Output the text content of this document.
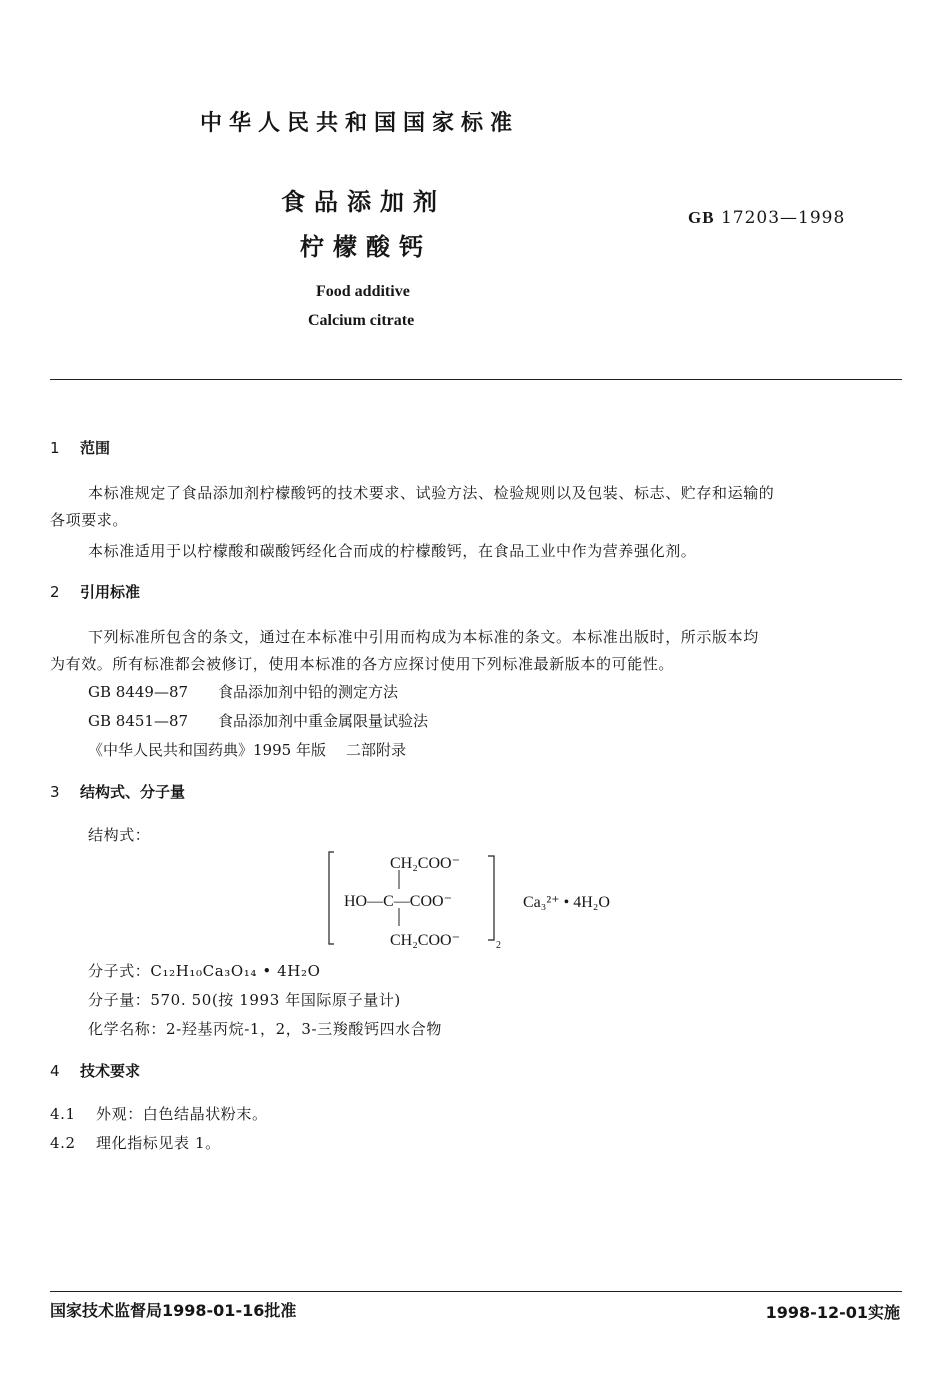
中华人民共和国国家标准
食品添加剂
柠檬酸钙
GB 17203—1998
Food additive
Calcium citrate
1 范围
本标准规定了食品添加剂柠檬酸钙的技术要求、试验方法、检验规则以及包装、标志、贮存和运输的
各项要求。
本标准适用于以柠檬酸和碳酸钙经化合而成的柠檬酸钙，在食品工业中作为营养强化剂。
2 引用标准
下列标准所包含的条文，通过在本标准中引用而构成为本标准的条文。本标准出版时，所示版本均
为有效。所有标准都会被修订，使用本标准的各方应探讨使用下列标准最新版本的可能性。
GB 8449—87 食品添加剂中铅的测定方法
GB 8451—87 食品添加剂中重金属限量试验法
《中华人民共和国药典》1995 年版 二部附录
3 结构式、分子量
结构式：
CH₂COO⁻
HO—C—COO⁻
CH₂COO⁻	2
Ca₃²⁺ • 4H₂O
分子式：C₁₂H₁₀Ca₃O₁₄ • 4H₂O
分子量：570. 50(按 1993 年国际原子量计)
化学名称：2-羟基丙烷-1，2，3-三羧酸钙四水合物
4 技术要求
4.1 外观：白色结晶状粉末。
4.2 理化指标见表 1。
国家技术监督局1998-01-16批准	1998-12-01实施
